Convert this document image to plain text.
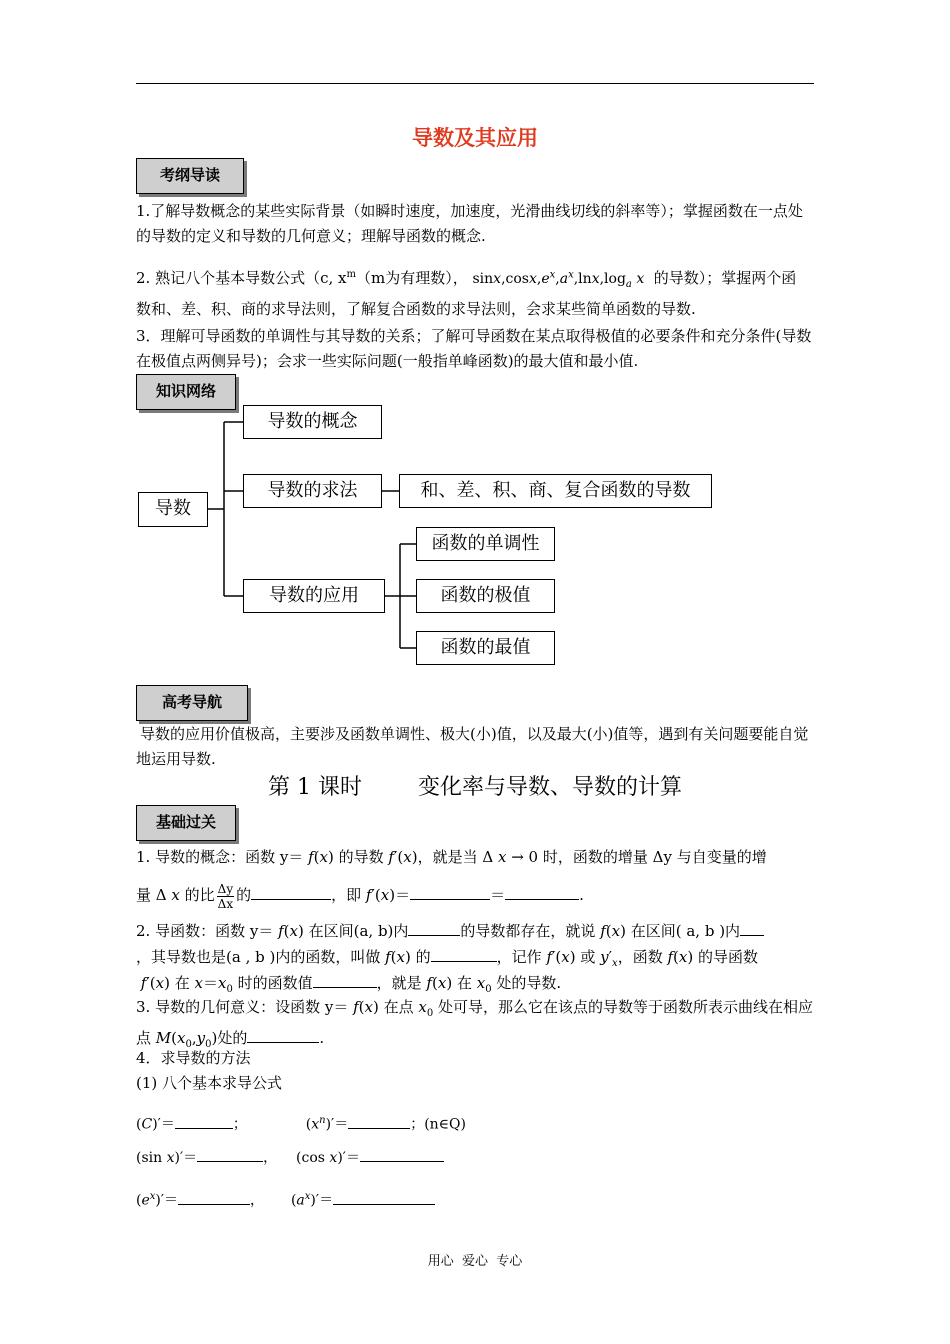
导数及其应用
考纲导读
1.了解导数概念的某些实际背景（如瞬时速度，加速度，光滑曲线切线的斜率等）；掌握函数在一点处的导数的定义和导数的几何意义；理解导函数的概念.
2. 熟记八个基本导数公式（c, $x^m(m$为有理数）， $\sin x,\cos x,e^x,a^x,\ln x,\log_a$ x 的导数）；掌握两个函
数和、差、积、商的求导法则，了解复合函数的求导法则，会求某些简单函数的导数.
3．理解可导函数的单调性与其导数的关系；了解可导函数在某点取得极值的必要条件和充分条件(导数在极值点两侧异号)；会求一些实际问题(一般指单峰函数)的最大值和最小值.
知识网络
导数
导数的概念
导数的求法	和、差、积、商、复合函数的导数
导数的应用
函数的单调性
函数的极值
函数的最值
高考导航
导数的应用价值极高，主要涉及函数单调性、极大(小)值，以及最大(小)值等，遇到有关问题要能自觉地运用导数.
第 1 课时        变化率与导数、导数的计算
基础过关
1. 导数的概念：函数 y＝ f(x) 的导数 f′(x)，就是当 Δ x → 0 时，函数的增量 Δy 与自变量的增
量 Δ x 的比 $\frac{\Delta y}{\Delta x}$ 的	，即 f′(x)＝	＝	.
2. 导函数：函数 y＝ f(x) 在区间(a, b)内	的导数都存在，就说 f(x) 在区间( a, b )内
，其导数也是(a , b )内的函数，叫做 f(x) 的	，记作 f′(x) 或 $y'_x$，函数 f(x) 的导函数
f′(x) 在 $x=x_0$ 时的函数值	，就是 f(x) 在 $x_0$ 处的导数.
3. 导数的几何意义：设函数 y＝ f(x) 在点 $x_0$ 处可导，那么它在该点的导数等于函数所表示曲线在相应点 $M(x_0,y_0)$处的	.
4．求导数的方法
(1) 八个基本求导公式
(C)′＝	；	$(x^n)'=$	；(n∈Q)
(sin x)′＝	，  (cos x)′＝
$(e^x)'=$	，  $(a^x)'=$
用心  爱心  专心
